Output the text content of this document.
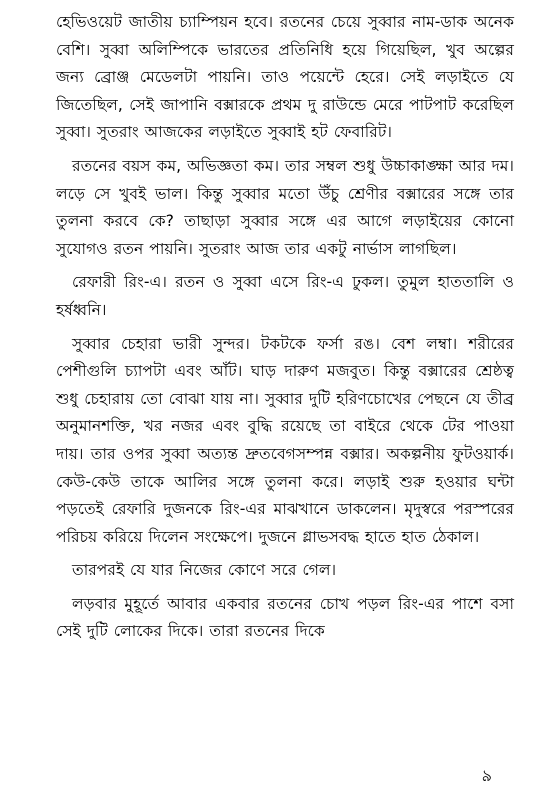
হেভিওয়েট জাতীয় চ্যাম্পিয়ন হবে। রতনের চেয়ে সুব্বার নাম-ডাক অনেক বেশি। সুব্বা অলিম্পিকে ভারতের প্রতিনিধি হয়ে গিয়েছিল, খুব অল্পের জন্য ব্রোঞ্জ মেডেলটা পায়নি। তাও পয়েন্টে হেরে। সেই লড়াইতে যে জিতেছিল, সেই জাপানি বক্সারকে প্রথম দু রাউন্ডে মেরে পাটপাট করেছিল সুব্বা। সুতরাং আজকের লড়াইতে সুব্বাই হট ফেবারিট।

রতনের বয়স কম, অভিজ্ঞতা কম। তার সম্বল শুধু উচ্চাকাঙ্ক্ষা আর দম। লড়ে সে খুবই ভাল। কিন্তু সুব্বার মতো উঁচু শ্রেণীর বক্সারের সঙ্গে তার তুলনা করবে কে? তাছাড়া সুব্বার সঙ্গে এর আগে লড়াইয়ের কোনো সুযোগও রতন পায়নি। সুতরাং আজ তার একটু নার্ভাস লাগছিল।

রেফারী রিং-এ। রতন ও সুব্বা এসে রিং-এ ঢুকল। তুমুল হাততালি ও হর্ষধ্বনি।

সুব্বার চেহারা ভারী সুন্দর। টকটকে ফর্সা রঙ। বেশ লম্বা। শরীরের পেশীগুলি চ্যাপটা এবং আঁট। ঘাড় দারুণ মজবুত। কিন্তু বক্সারের শ্রেষ্ঠত্ব শুধু চেহারায় তো বোঝা যায় না। সুব্বার দুটি হরিণচোখের পেছনে যে তীব্র অনুমানশক্তি, খর নজর এবং বুদ্ধি রয়েছে তা বাইরে থেকে টের পাওয়া দায়। তার ওপর সুব্বা অত্যন্ত দ্রুতবেগসম্পন্ন বক্সার। অকল্পনীয় ফুটওয়ার্ক। কেউ-কেউ তাকে আলির সঙ্গে তুলনা করে। লড়াই শুরু হওয়ার ঘন্টা পড়তেই রেফারি দুজনকে রিং-এর মাঝখানে ডাকলেন। মৃদুস্বরে পরস্পরের পরিচয় করিয়ে দিলেন সংক্ষেপে। দুজনে গ্লাভসবদ্ধ হাতে হাত ঠেকাল।

তারপরই যে যার নিজের কোণে সরে গেল।

লড়বার মুহূর্তে আবার একবার রতনের চোখ পড়ল রিং-এর পাশে বসা সেই দুটি লোকের দিকে। তারা রতনের দিকে

৯
